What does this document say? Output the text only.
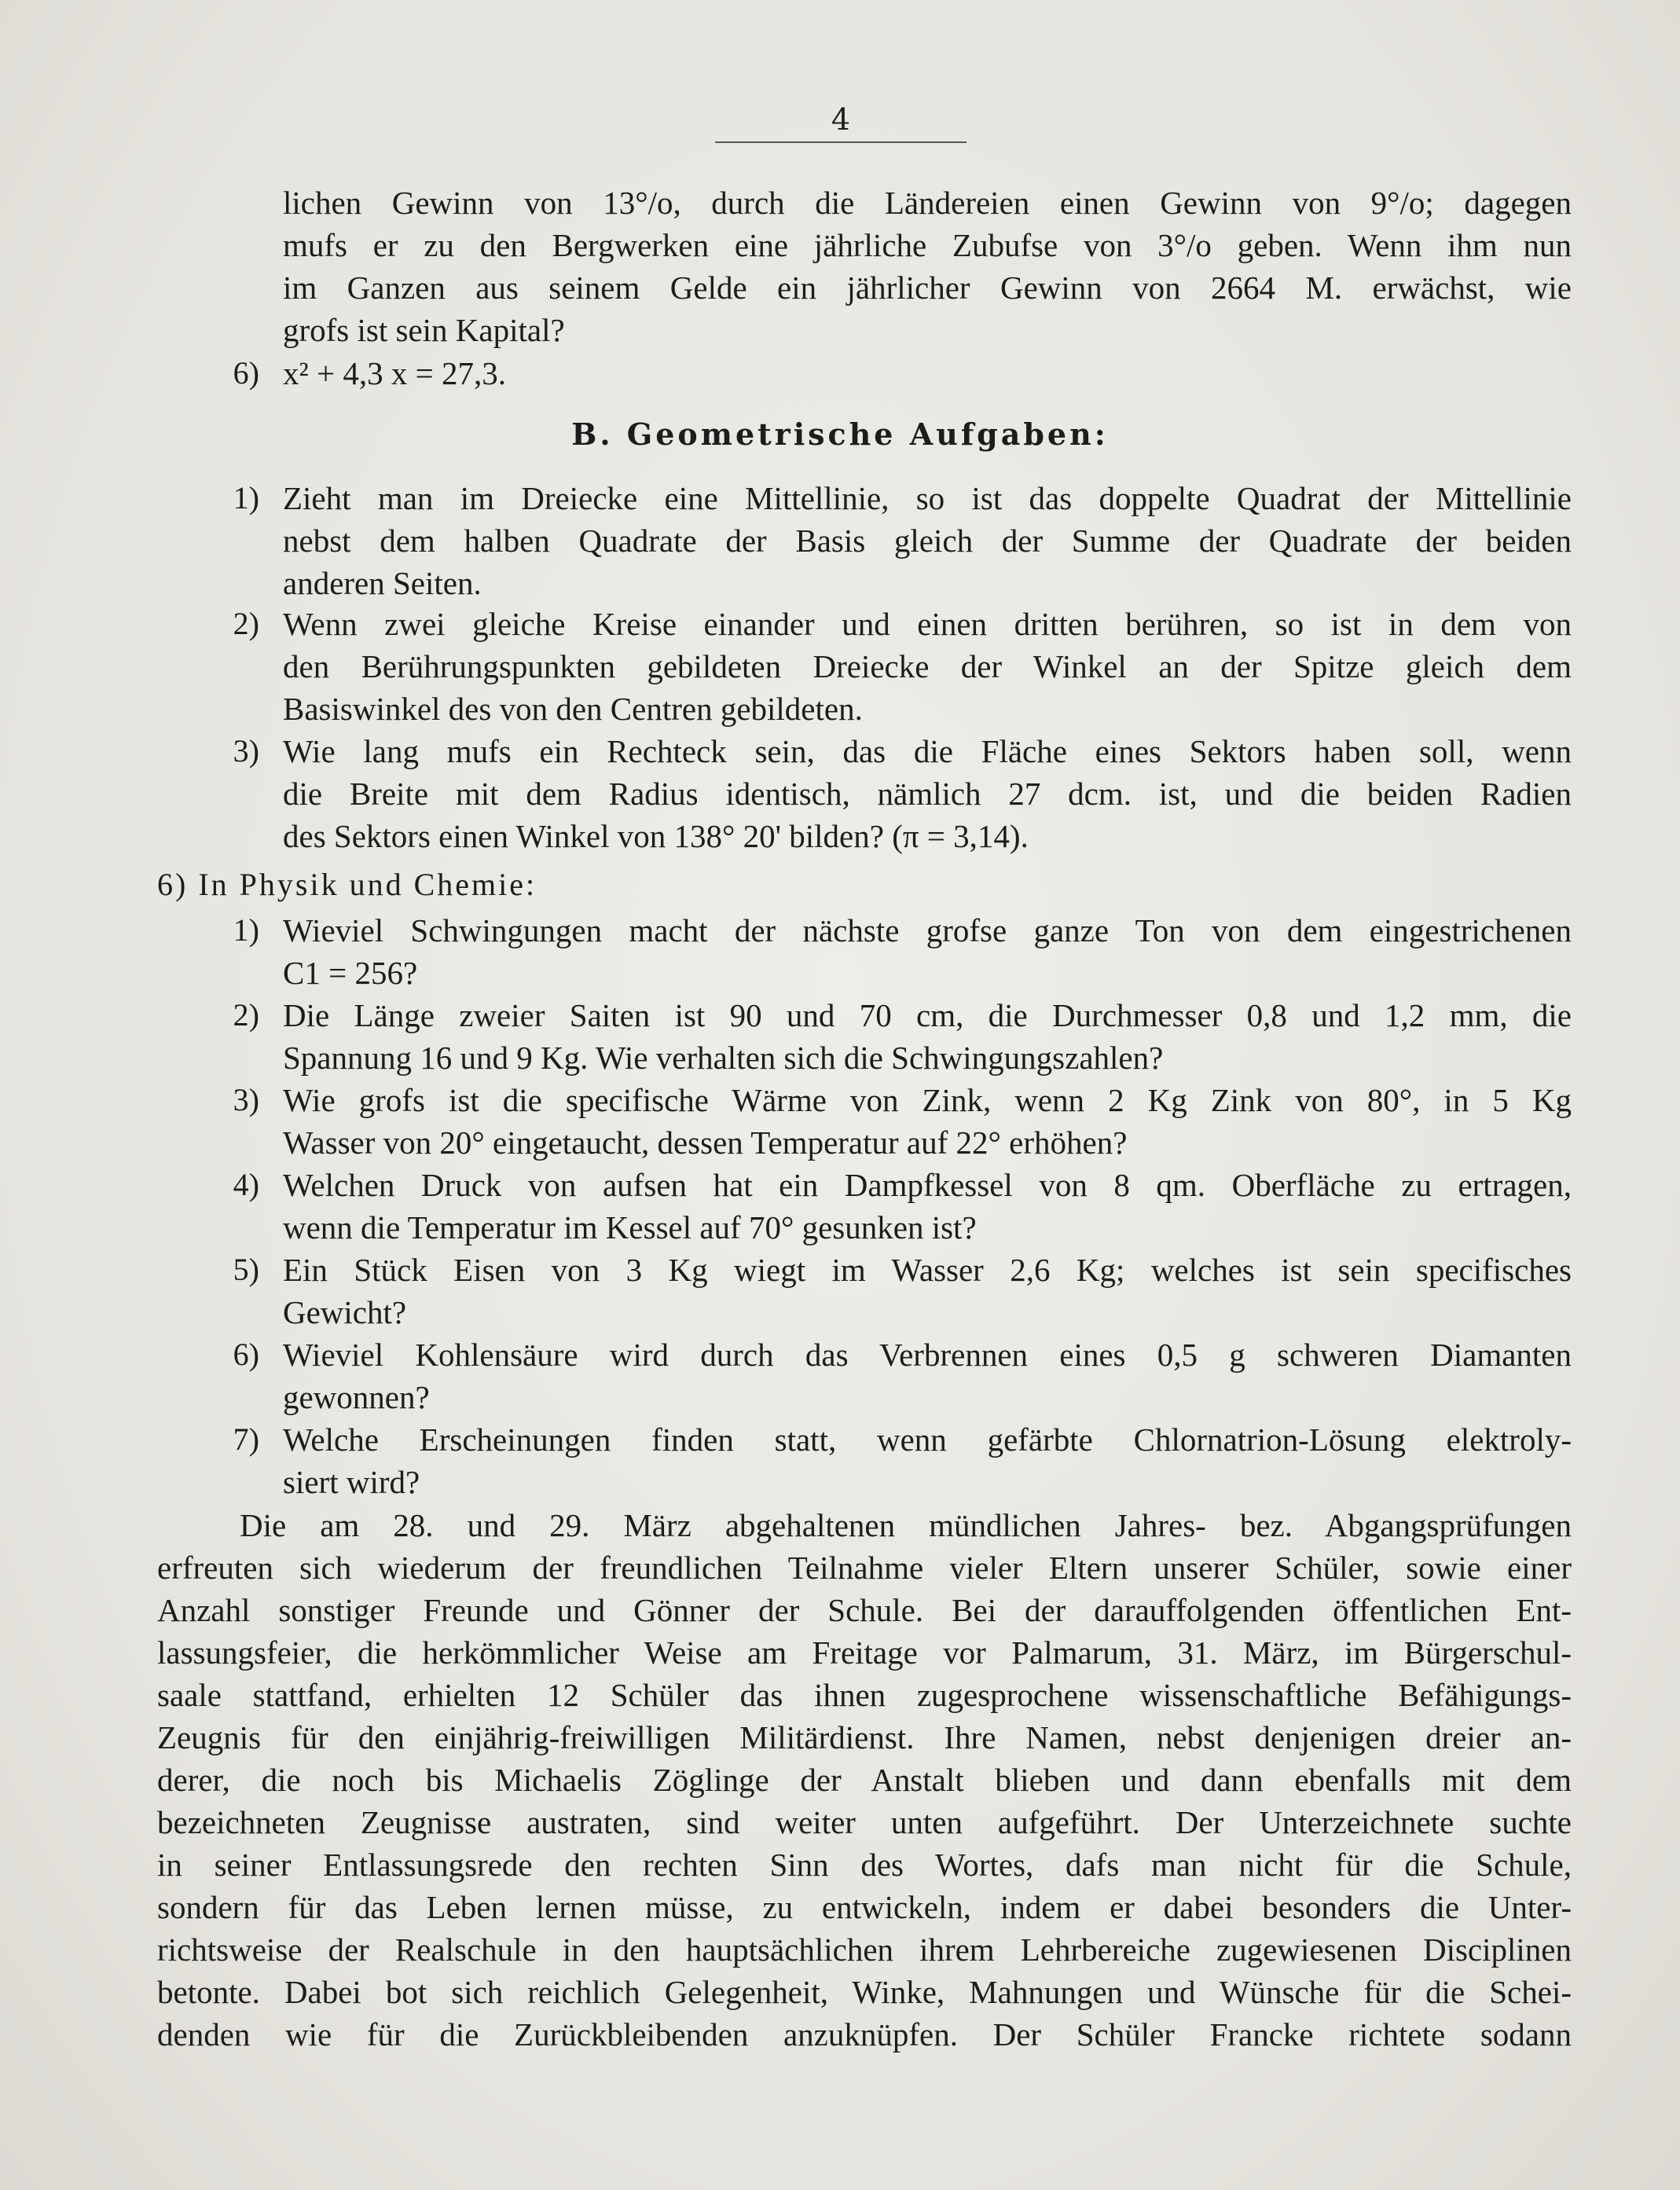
4
lichen Gewinn von 13°/o, durch die Ländereien einen Gewinn von 9°/o; dagegen
mufs er zu den Bergwerken eine jährliche Zubufse von 3°/o geben. Wenn ihm nun
im Ganzen aus seinem Gelde ein jährlicher Gewinn von 2664 M. erwächst, wie
grofs ist sein Kapital?
6) x² + 4,3 x = 27,3.
B. Geometrische Aufgaben:
1) Zieht man im Dreiecke eine Mittellinie, so ist das doppelte Quadrat der Mittellinie
nebst dem halben Quadrate der Basis gleich der Summe der Quadrate der beiden
anderen Seiten.
2) Wenn zwei gleiche Kreise einander und einen dritten berühren, so ist in dem von
den Berührungspunkten gebildeten Dreiecke der Winkel an der Spitze gleich dem
Basiswinkel des von den Centren gebildeten.
3) Wie lang mufs ein Rechteck sein, das die Fläche eines Sektors haben soll, wenn
die Breite mit dem Radius identisch, nämlich 27 dcm. ist, und die beiden Radien
des Sektors einen Winkel von 138° 20' bilden? (π = 3,14).
6) In Physik und Chemie:
1) Wieviel Schwingungen macht der nächste grofse ganze Ton von dem eingestrichenen
C1 = 256?
2) Die Länge zweier Saiten ist 90 und 70 cm, die Durchmesser 0,8 und 1,2 mm, die
Spannung 16 und 9 Kg. Wie verhalten sich die Schwingungszahlen?
3) Wie grofs ist die specifische Wärme von Zink, wenn 2 Kg Zink von 80°, in 5 Kg
Wasser von 20° eingetaucht, dessen Temperatur auf 22° erhöhen?
4) Welchen Druck von aufsen hat ein Dampfkessel von 8 qm. Oberfläche zu ertragen,
wenn die Temperatur im Kessel auf 70° gesunken ist?
5) Ein Stück Eisen von 3 Kg wiegt im Wasser 2,6 Kg; welches ist sein specifisches
Gewicht?
6) Wieviel Kohlensäure wird durch das Verbrennen eines 0,5 g schweren Diamanten
gewonnen?
7) Welche Erscheinungen finden statt, wenn gefärbte Chlornatrion-Lösung elektroly-
siert wird?
Die am 28. und 29. März abgehaltenen mündlichen Jahres- bez. Abgangsprüfungen
erfreuten sich wiederum der freundlichen Teilnahme vieler Eltern unserer Schüler, sowie einer
Anzahl sonstiger Freunde und Gönner der Schule. Bei der darauffolgenden öffentlichen Ent-
lassungsfeier, die herkömmlicher Weise am Freitage vor Palmarum, 31. März, im Bürgerschul-
saale stattfand, erhielten 12 Schüler das ihnen zugesprochene wissenschaftliche Befähigungs-
Zeugnis für den einjährig-freiwilligen Militärdienst. Ihre Namen, nebst denjenigen dreier an-
derer, die noch bis Michaelis Zöglinge der Anstalt blieben und dann ebenfalls mit dem
bezeichneten Zeugnisse austraten, sind weiter unten aufgeführt. Der Unterzeichnete suchte
in seiner Entlassungsrede den rechten Sinn des Wortes, dafs man nicht für die Schule,
sondern für das Leben lernen müsse, zu entwickeln, indem er dabei besonders die Unter-
richtsweise der Realschule in den hauptsächlichen ihrem Lehrbereiche zugewiesenen Disciplinen
betonte. Dabei bot sich reichlich Gelegenheit, Winke, Mahnungen und Wünsche für die Schei-
denden wie für die Zurückbleibenden anzuknüpfen. Der Schüler Francke richtete sodann
